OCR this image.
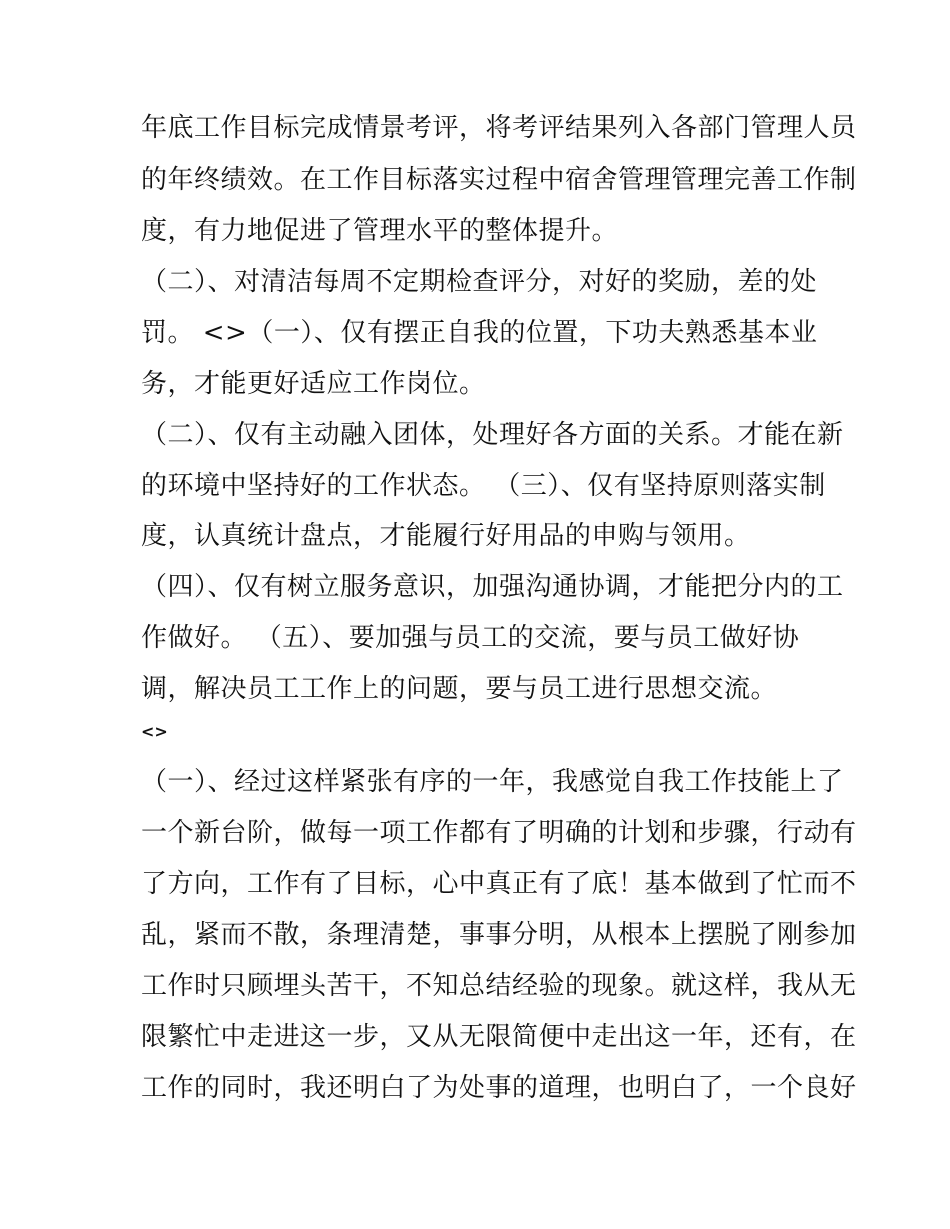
年底工作目标完成情景考评，将考评结果列入各部门管理人员
的年终绩效。在工作目标落实过程中宿舍管理管理完善工作制
度，有力地促进了管理水平的整体提升。
（二）、对清洁每周不定期检查评分，对好的奖励，差的处
罚。 <>（一）、仅有摆正自我的位置，下功夫熟悉基本业
务，才能更好适应工作岗位。
（二）、仅有主动融入团体，处理好各方面的关系。才能在新
的环境中坚持好的工作状态。 （三）、仅有坚持原则落实制
度，认真统计盘点，才能履行好用品的申购与领用。
（四）、仅有树立服务意识，加强沟通协调，才能把分内的工
作做好。 （五）、要加强与员工的交流，要与员工做好协
调，解决员工工作上的问题，要与员工进行思想交流。
<>
（一）、经过这样紧张有序的一年，我感觉自我工作技能上了
一个新台阶，做每一项工作都有了明确的计划和步骤，行动有
了方向，工作有了目标，心中真正有了底！基本做到了忙而不
乱，紧而不散，条理清楚，事事分明，从根本上摆脱了刚参加
工作时只顾埋头苦干，不知总结经验的现象。就这样，我从无
限繁忙中走进这一步，又从无限简便中走出这一年，还有，在
工作的同时，我还明白了为处事的道理，也明白了，一个良好
